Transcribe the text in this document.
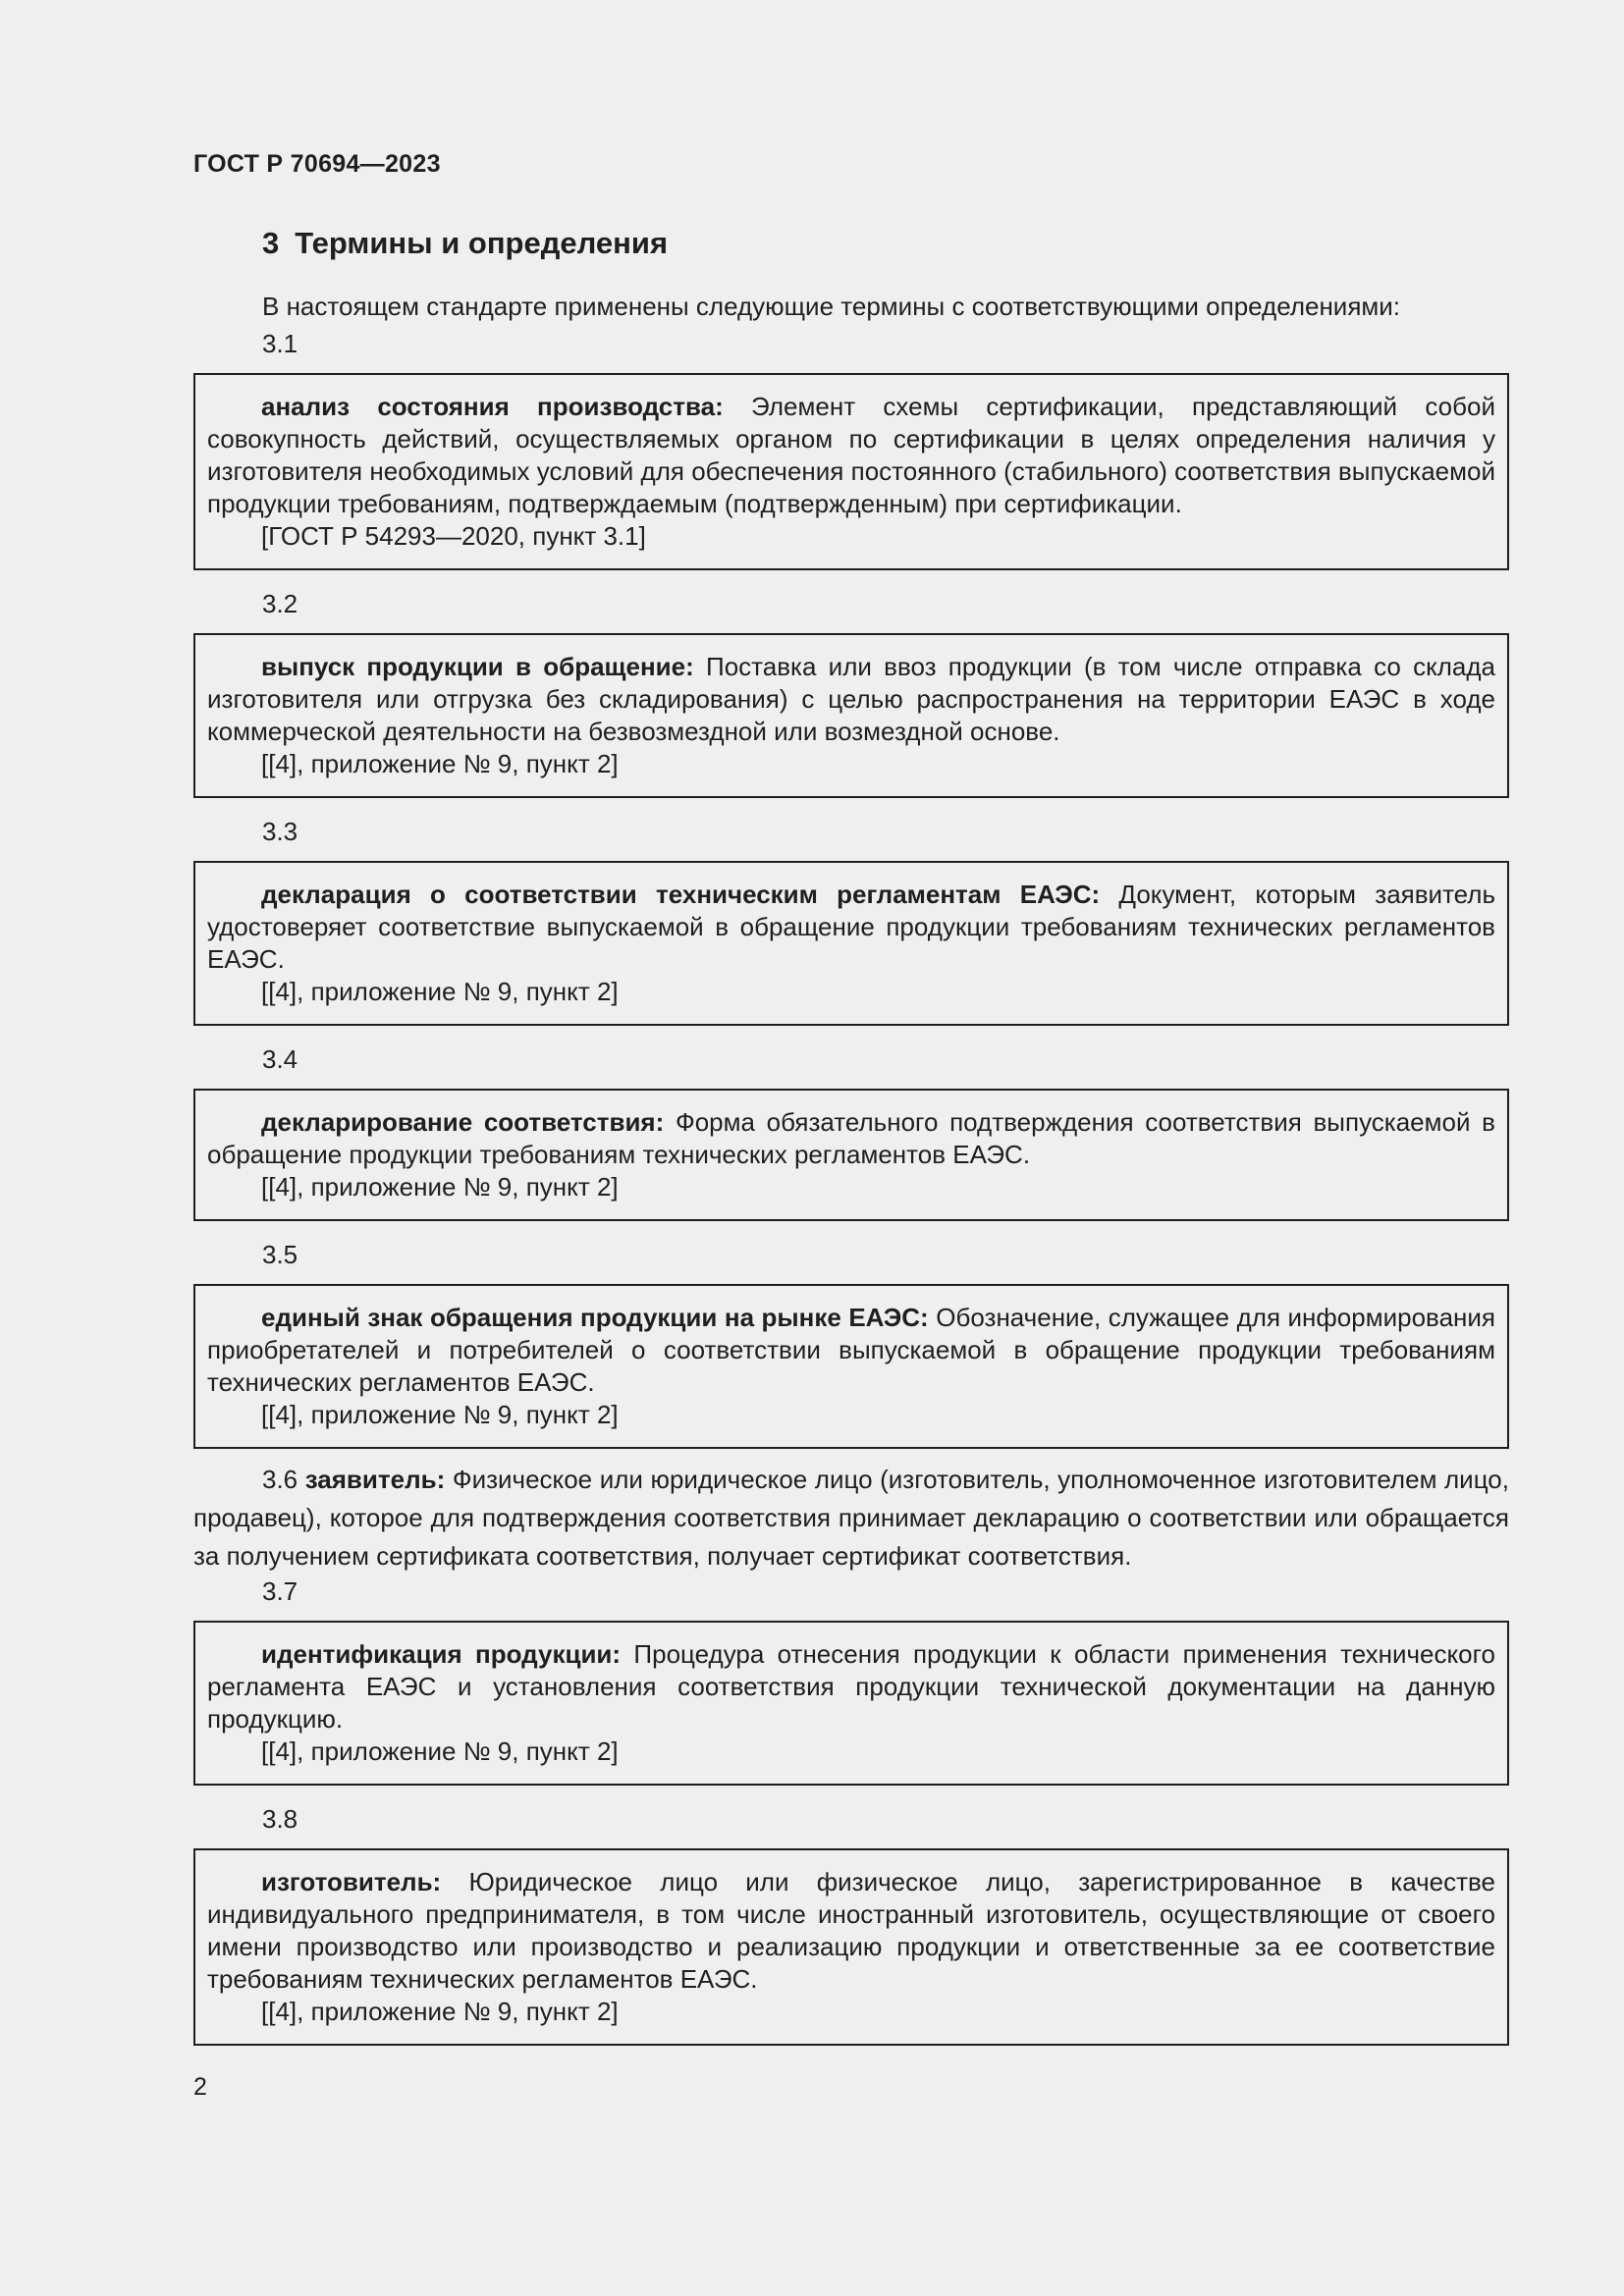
ГОСТ Р 70694—2023
3 Термины и определения
В настоящем стандарте применены следующие термины с соответствующими определениями:
3.1

анализ состояния производства: Элемент схемы сертификации, представляющий собой совокупность действий, осуществляемых органом по сертификации в целях определения наличия у изготовителя необходимых условий для обеспечения постоянного (стабильного) соответствия выпускаемой продукции требованиям, подтверждаемым (подтвержденным) при сертификации.

[ГОСТ Р 54293—2020, пункт 3.1]

3.2

выпуск продукции в обращение: Поставка или ввоз продукции (в том числе отправка со склада изготовителя или отгрузка без складирования) с целью распространения на территории ЕАЭС в ходе коммерческой деятельности на безвозмездной или возмездной основе.

[[4], приложение № 9, пункт 2]

3.3

декларация о соответствии техническим регламентам ЕАЭС: Документ, которым заявитель удостоверяет соответствие выпускаемой в обращение продукции требованиям технических регламентов ЕАЭС.

[[4], приложение № 9, пункт 2]

3.4

декларирование соответствия: Форма обязательного подтверждения соответствия выпускаемой в обращение продукции требованиям технических регламентов ЕАЭС.

[[4], приложение № 9, пункт 2]

3.5

единый знак обращения продукции на рынке ЕАЭС: Обозначение, служащее для информирования приобретателей и потребителей о соответствии выпускаемой в обращение продукции требованиям технических регламентов ЕАЭС.

[[4], приложение № 9, пункт 2]

3.6 заявитель: Физическое или юридическое лицо (изготовитель, уполномоченное изготовителем лицо, продавец), которое для подтверждения соответствия принимает декларацию о соответствии или обращается за получением сертификата соответствия, получает сертификат соответствия.

3.7

идентификация продукции: Процедура отнесения продукции к области применения технического регламента ЕАЭС и установления соответствия продукции технической документации на данную продукцию.

[[4], приложение № 9, пункт 2]

3.8

изготовитель: Юридическое лицо или физическое лицо, зарегистрированное в качестве индивидуального предпринимателя, в том числе иностранный изготовитель, осуществляющие от своего имени производство или производство и реализацию продукции и ответственные за ее соответствие требованиям технических регламентов ЕАЭС.

[[4], приложение № 9, пункт 2]

2
